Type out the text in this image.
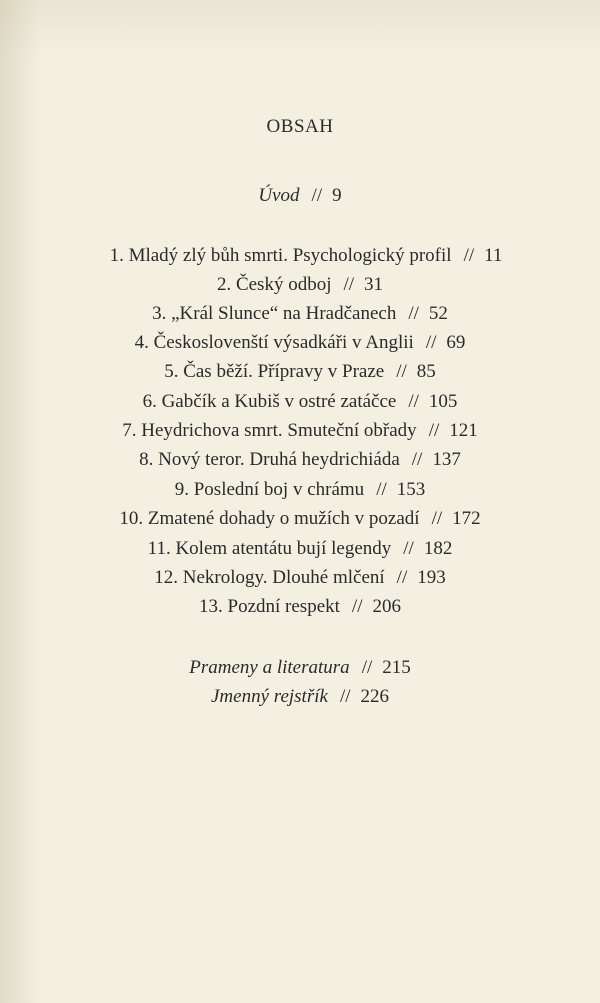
OBSAH
Úvod // 9
1. Mladý zlý bůh smrti. Psychologický profil // 11
2. Český odboj // 31
3. „Král Slunce“ na Hradčanech // 52
4. Českoslovenští výsadkáři v Anglii // 69
5. Čas běží. Přípravy v Praze // 85
6. Gabčík a Kubiš v ostré zatáčce // 105
7. Heydrichova smrt. Smuteční obřady // 121
8. Nový teror. Druhá heydrichiáda // 137
9. Poslední boj v chrámu // 153
10. Zmatené dohady o mužích v pozadí // 172
11. Kolem atentátu bují legendy // 182
12. Nekrology. Dlouhé mlčení // 193
13. Pozdní respekt // 206
Prameny a literatura // 215
Jmenný rejstřík // 226
